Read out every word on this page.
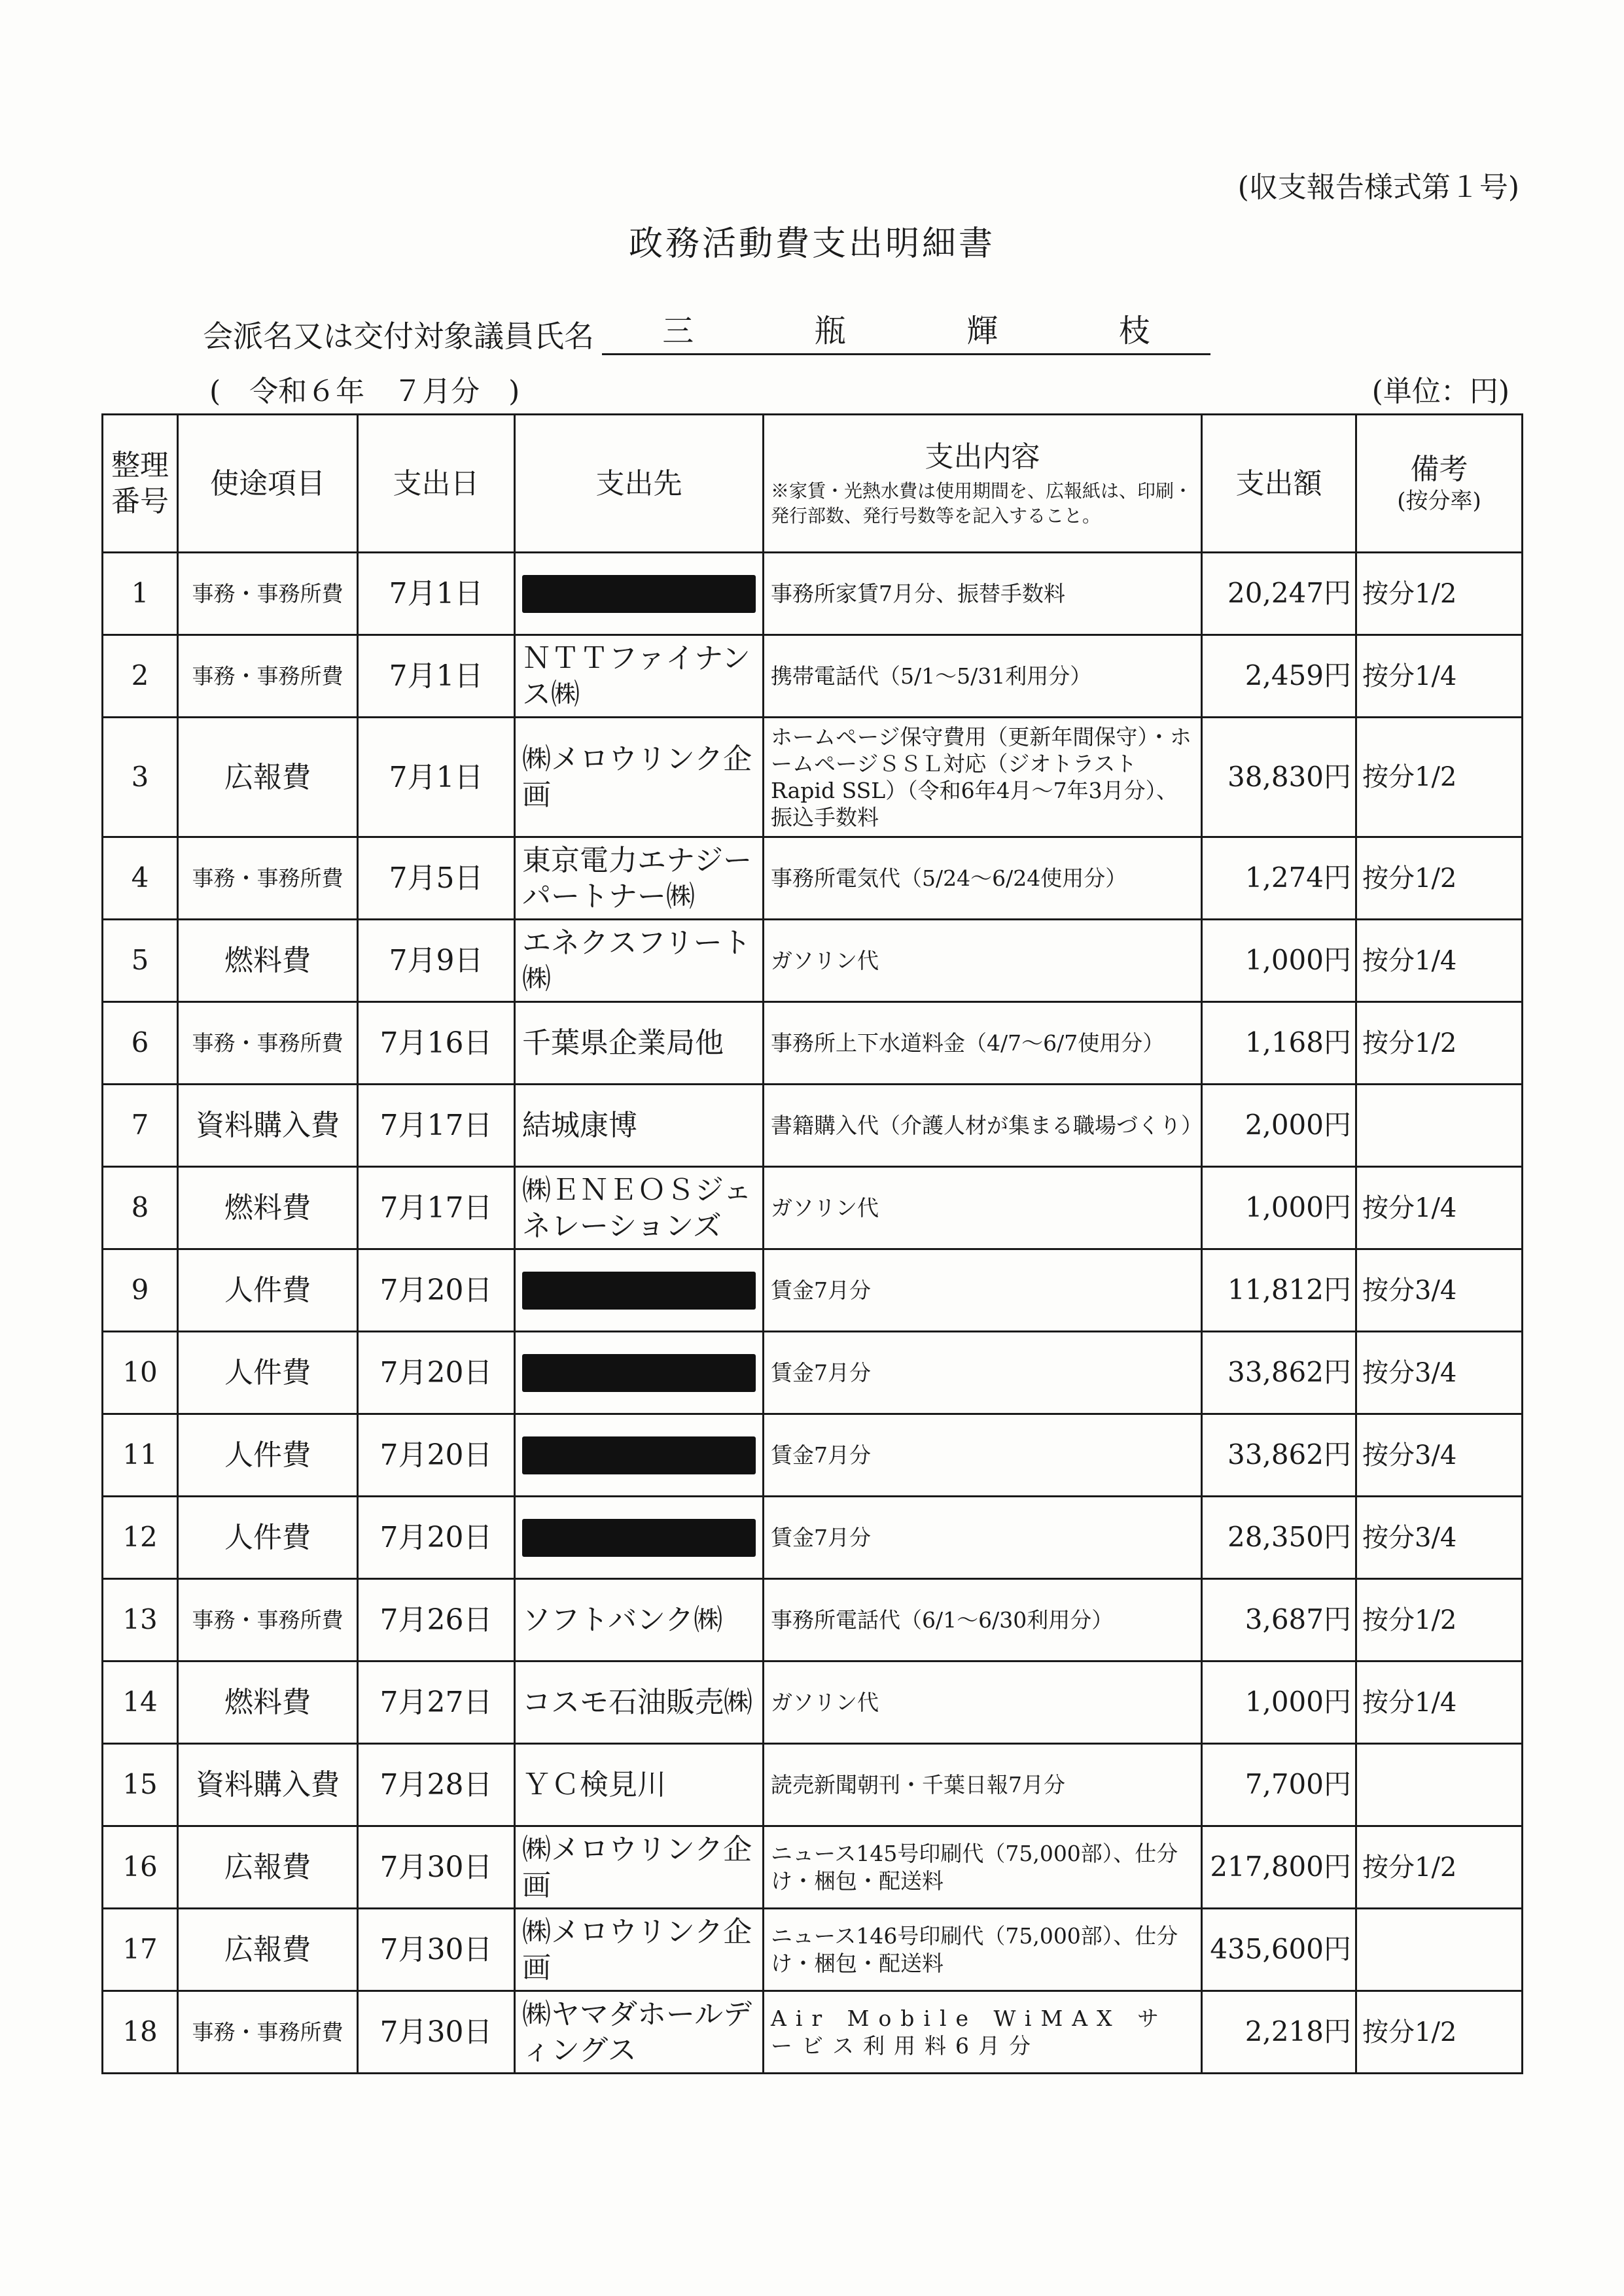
(収支報告様式第１号)
政務活動費支出明細書
会派名又は交付対象議員氏名 三	瓶	輝	枝
(　令和６年　７月分　)	(単位：円)
整理番号	使途項目	支出日	支出先	支出内容
※家賃・光熱水費は使用期間を、広報紙は、印刷・発行部数、発行号数等を記入すること。	支出額	備考
(按分率)

1	事務・事務所費	7月1日		事務所家賃7月分、振替手数料	20,247円	按分1/2
2	事務・事務所費	7月1日	ＮＴＴファイナンス㈱	携帯電話代（5/1～5/31利用分）	2,459円	按分1/4
3	広報費	7月1日	㈱メロウリンク企画	ホームページ保守費用（更新年間保守）・ホームページＳＳＬ対応（ジオトラストRapid SSL）（令和6年4月～7年3月分）、振込手数料	38,830円	按分1/2
4	事務・事務所費	7月5日	東京電力エナジーパートナー㈱	事務所電気代（5/24～6/24使用分）	1,274円	按分1/2
5	燃料費	7月9日	エネクスフリート㈱	ガソリン代	1,000円	按分1/4
6	事務・事務所費	7月16日	千葉県企業局他	事務所上下水道料金（4/7～6/7使用分）	1,168円	按分1/2
7	資料購入費	7月17日	結城康博	書籍購入代（介護人材が集まる職場づくり）	2,000円	
8	燃料費	7月17日	㈱ＥＮＥＯＳジェネレーションズ	ガソリン代	1,000円	按分1/4
9	人件費	7月20日		賃金7月分	11,812円	按分3/4
10	人件費	7月20日		賃金7月分	33,862円	按分3/4
11	人件費	7月20日		賃金7月分	33,862円	按分3/4
12	人件費	7月20日		賃金7月分	28,350円	按分3/4
13	事務・事務所費	7月26日	ソフトバンク㈱	事務所電話代（6/1～6/30利用分）	3,687円	按分1/2
14	燃料費	7月27日	コスモ石油販売㈱	ガソリン代	1,000円	按分1/4
15	資料購入費	7月28日	ＹＣ検見川	読売新聞朝刊・千葉日報7月分	7,700円	
16	広報費	7月30日	㈱メロウリンク企画	ニュース145号印刷代（75,000部）、仕分け・梱包・配送料	217,800円	按分1/2
17	広報費	7月30日	㈱メロウリンク企画	ニュース146号印刷代（75,000部）、仕分け・梱包・配送料	435,600円	
18	事務・事務所費	7月30日	㈱ヤマダホールディングス	Air Mobile WiMAX サービス利用料6月分	2,218円	按分1/2
